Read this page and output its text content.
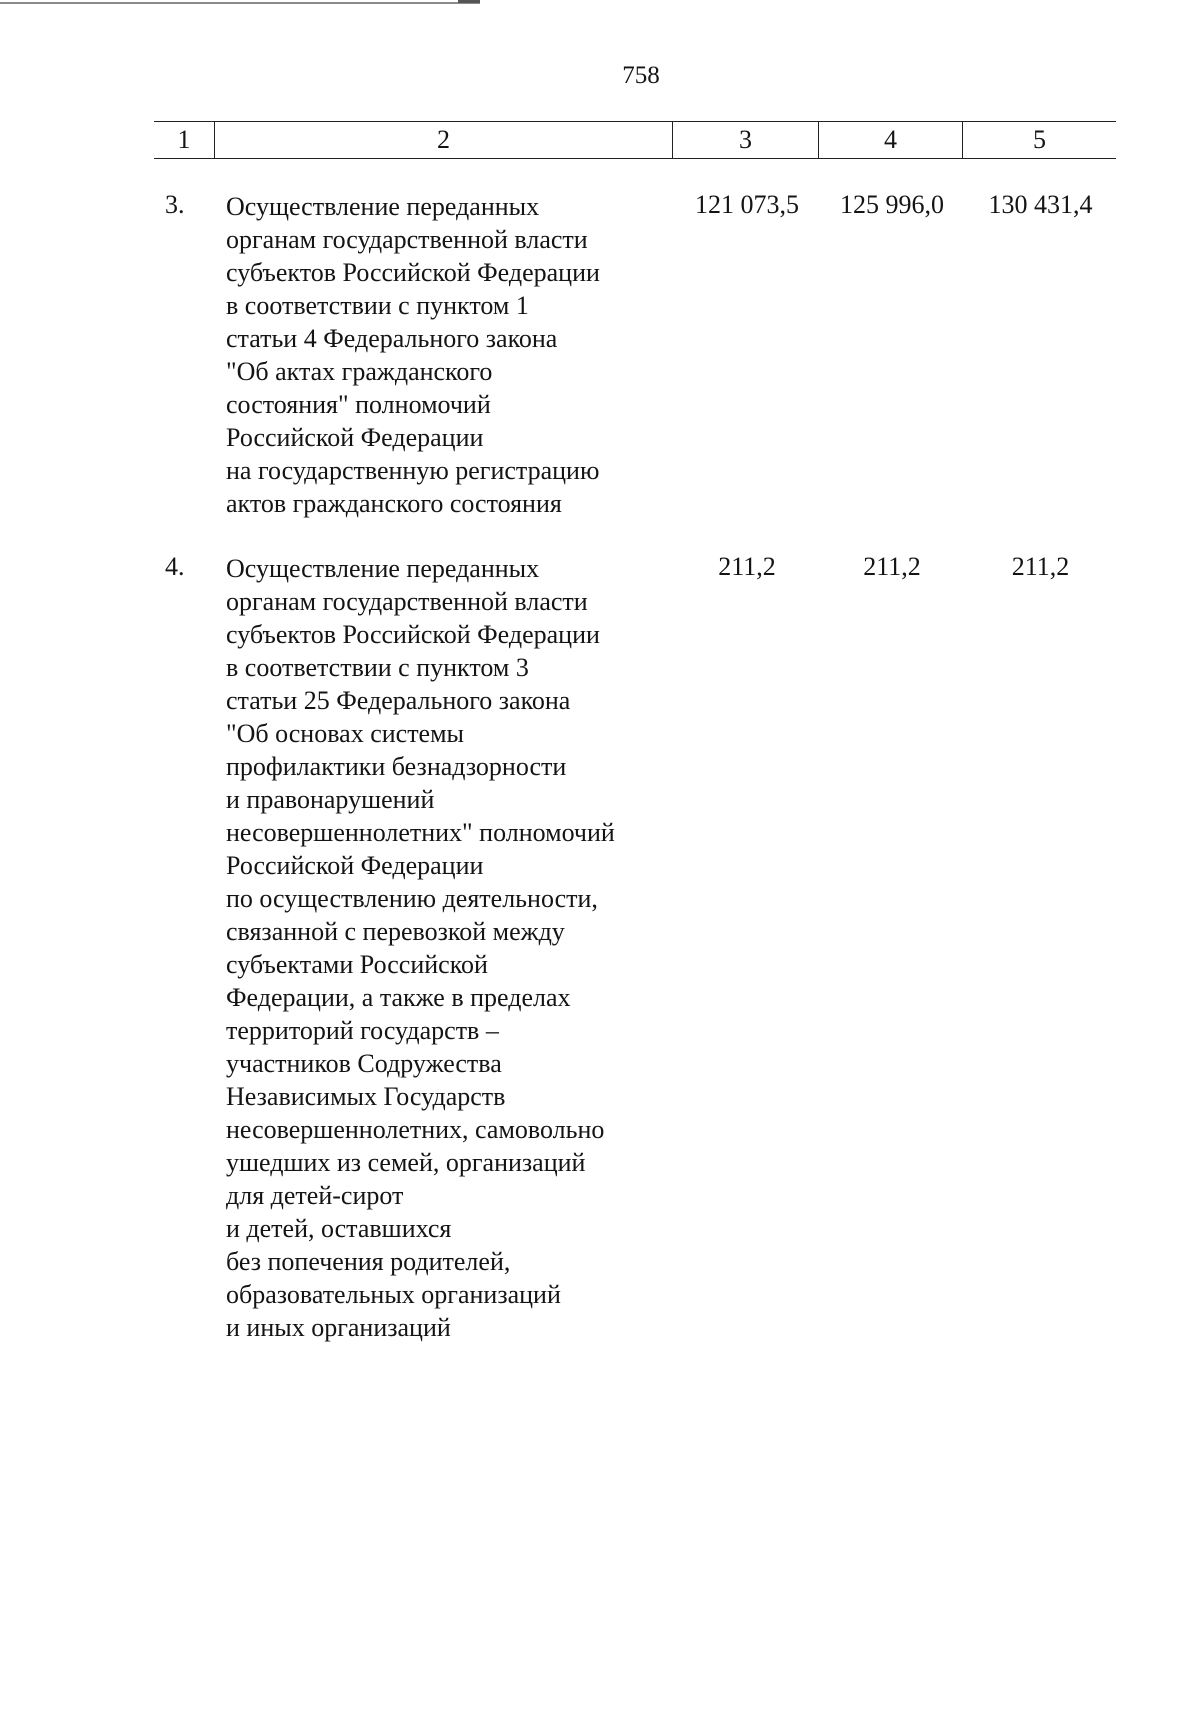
758
1	2	3	4	5
3. Осуществление переданных
органам государственной власти
субъектов Российской Федерации
в соответствии с пунктом 1
статьи 4 Федерального закона
"Об актах гражданского
состояния" полномочий
Российской Федерации
на государственную регистрацию
актов гражданского состояния
121 073,5	125 996,0	130 431,4
4. Осуществление переданных
органам государственной власти
субъектов Российской Федерации
в соответствии с пунктом 3
статьи 25 Федерального закона
"Об основах системы
профилактики безнадзорности
и правонарушений
несовершеннолетних" полномочий
Российской Федерации
по осуществлению деятельности,
связанной с перевозкой между
субъектами Российской
Федерации, а также в пределах
территорий государств –
участников Содружества
Независимых Государств
несовершеннолетних, самовольно
ушедших из семей, организаций
для детей-сирот
и детей, оставшихся
без попечения родителей,
образовательных организаций
и иных организаций
211,2	211,2	211,2
